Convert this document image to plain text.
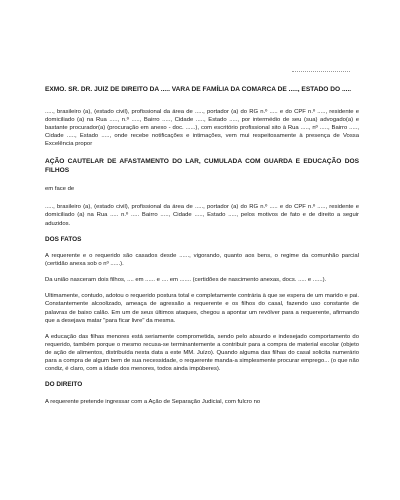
EXMO. SR. DR. JUIZ DE DIREITO DA ..... VARA DE FAMÍLIA DA COMARCA DE ....., ESTADO DO .....

....., brasileiro (a), (estado civil), profissional da área de ....., portador (a) do RG n.º ..... e do CPF n.º ....., residente e domiciliado (a) na Rua ....., n.º ....., Bairro ....., Cidade ....., Estado ....., por intermédio de seu (sua) advogado(a) e bastante procurador(a) (procuração em anexo - doc. ......), com escritório profissional sito à Rua ....., nº ....., Bairro ....., Cidade ....., Estado ....., onde recebe notificações e intimações, vem mui respeitosamente à presença de Vossa Excelência propor

AÇÃO CAUTELAR DE AFASTAMENTO DO LAR, CUMULADA COM GUARDA E EDUCAÇÃO DOS FILHOS

em face de

....., brasileiro (a), (estado civil), profissional da área de ....., portador (a) do RG n.º ..... e do CPF n.º ....., residente e domiciliado (a) na Rua ..... n.º ..... Bairro ....., Cidade ....., Estado ....., pelos motivos de fato e de direito a seguir aduzidos.

DOS FATOS

A requerente e o requerido são casados desde ......, vigorando, quanto aos bens, o regime da comunhão parcial (certidão anexa sob o nº ......).

Da união nasceram dois filhos, .... em ...... e .... em ....... (certidões de nascimento anexas, docs. ..... e ......).

Ultimamente, contudo, adotou o requerido postura total e completamente contrária à que se espera de um marido e pai. Constantemente alcoolizado, ameaça de agressão a requerente e os filhos do casal, fazendo uso constante de palavras de baixo calão. Em um de seus últimos ataques, chegou a apontar um revólver para a requerente, afirmando que a desejava matar "para ficar livre" da mesma.

A educação das filhas menores está seriamente comprometida, sendo pelo absurdo e indesejado comportamento do requerido, também porque o mesmo recusa-se terminantemente a contribuir para a compra de material escolar (objeto de ação de alimentos, distribuída nesta data a este MM. Juízo). Quando alguma das filhas do casal solicita numerário para a compra de algum bem de sua necessidade, o requerente manda-a simplesmente procurar emprego... (o que não condiz, é claro, com a idade dos menores, todos ainda impúberes).

DO DIREITO

A requerente pretende ingressar com a Ação de Separação Judicial, com fulcro no
